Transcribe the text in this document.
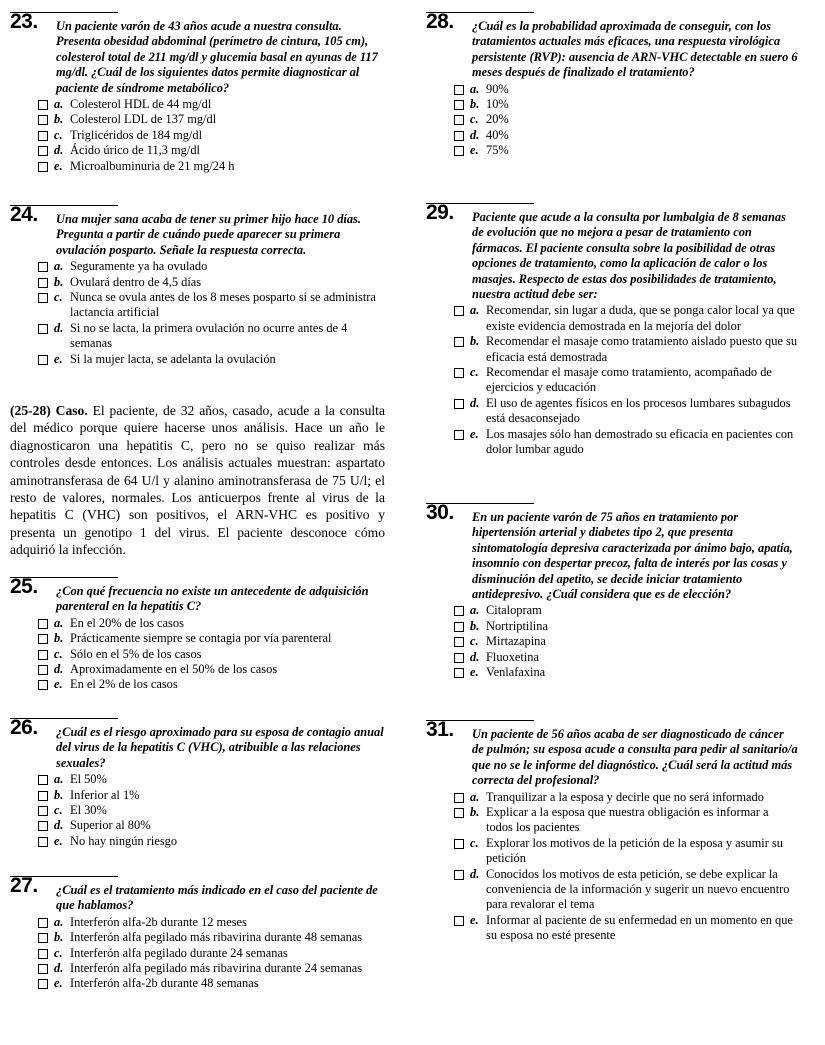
23. Un paciente varón de 43 años acude a nuestra consulta. Presenta obesidad abdominal (perímetro de cintura, 105 cm), colesterol total de 211 mg/dl y glucemia basal en ayunas de 117 mg/dl. ¿Cuál de los siguientes datos permite diagnosticar al paciente de síndrome metabólico?
a. Colesterol HDL de 44 mg/dl
b. Colesterol LDL de 137 mg/dl
c. Triglicéridos de 184 mg/dl
d. Ácido úrico de 11,3 mg/dl
e. Microalbuminuria de 21 mg/24 h
24. Una mujer sana acaba de tener su primer hijo hace 10 días. Pregunta a partir de cuándo puede aparecer su primera ovulación posparto. Señale la respuesta correcta.
a. Seguramente ya ha ovulado
b. Ovulará dentro de 4,5 días
c. Nunca se ovula antes de los 8 meses posparto si se administra lactancia artificial
d. Si no se lacta, la primera ovulación no ocurre antes de 4 semanas
e. Si la mujer lacta, se adelanta la ovulación
(25-28) Caso. El paciente, de 32 años, casado, acude a la consulta del médico porque quiere hacerse unos análisis. Hace un año le diagnosticaron una hepatitis C, pero no se quiso realizar más controles desde entonces. Los análisis actuales muestran: aspartato aminotransferasa de 64 U/l y alanino aminotransferasa de 75 U/l; el resto de valores, normales. Los anticuerpos frente al virus de la hepatitis C (VHC) son positivos, el ARN-VHC es positivo y presenta un genotipo 1 del virus. El paciente desconoce cómo adquirió la infección.
25. ¿Con qué frecuencia no existe un antecedente de adquisición parenteral en la hepatitis C?
a. En el 20% de los casos
b. Prácticamente siempre se contagia por vía parenteral
c. Sólo en el 5% de los casos
d. Aproximadamente en el 50% de los casos
e. En el 2% de los casos
26. ¿Cuál es el riesgo aproximado para su esposa de contagio anual del virus de la hepatitis C (VHC), atribuible a las relaciones sexuales?
a. El 50%
b. Inferior al 1%
c. El 30%
d. Superior al 80%
e. No hay ningún riesgo
27. ¿Cuál es el tratamiento más indicado en el caso del paciente de que hablamos?
a. Interferón alfa-2b durante 12 meses
b. Interferón alfa pegilado más ribavirina durante 48 semanas
c. Interferón alfa pegilado durante 24 semanas
d. Interferón alfa pegilado más ribavirina durante 24 semanas
e. Interferón alfa-2b durante 48 semanas
28. ¿Cuál es la probabilidad aproximada de conseguir, con los tratamientos actuales más eficaces, una respuesta virológica persistente (RVP): ausencia de ARN-VHC detectable en suero 6 meses después de finalizado el tratamiento?
a. 90%
b. 10%
c. 20%
d. 40%
e. 75%
29. Paciente que acude a la consulta por lumbalgia de 8 semanas de evolución que no mejora a pesar de tratamiento con fármacos. El paciente consulta sobre la posibilidad de otras opciones de tratamiento, como la aplicación de calor o los masajes. Respecto de estas dos posibilidades de tratamiento, nuestra actitud debe ser:
a. Recomendar, sin lugar a duda, que se ponga calor local ya que existe evidencia demostrada en la mejoría del dolor
b. Recomendar el masaje como tratamiento aislado puesto que su eficacia está demostrada
c. Recomendar el masaje como tratamiento, acompañado de ejercicios y educación
d. El uso de agentes físicos en los procesos lumbares subagudos está desaconsejado
e. Los masajes sólo han demostrado su eficacia en pacientes con dolor lumbar agudo
30. En un paciente varón de 75 años en tratamiento por hipertensión arterial y diabetes tipo 2, que presenta sintomatología depresiva caracterizada por ánimo bajo, apatía, insomnio con despertar precoz, falta de interés por las cosas y disminución del apetito, se decide iniciar tratamiento antidepresivo. ¿Cuál considera que es de elección?
a. Citalopram
b. Nortriptilina
c. Mirtazapina
d. Fluoxetina
e. Venlafaxina
31. Un paciente de 56 años acaba de ser diagnosticado de cáncer de pulmón; su esposa acude a consulta para pedir al sanitario/a que no se le informe del diagnóstico. ¿Cuál será la actitud más correcta del profesional?
a. Tranquilizar a la esposa y decirle que no será informado
b. Explicar a la esposa que nuestra obligación es informar a todos los pacientes
c. Explorar los motivos de la petición de la esposa y asumir su petición
d. Conocidos los motivos de esta petición, se debe explicar la conveniencia de la información y sugerir un nuevo encuentro para revalorar el tema
e. Informar al paciente de su enfermedad en un momento en que su esposa no esté presente
